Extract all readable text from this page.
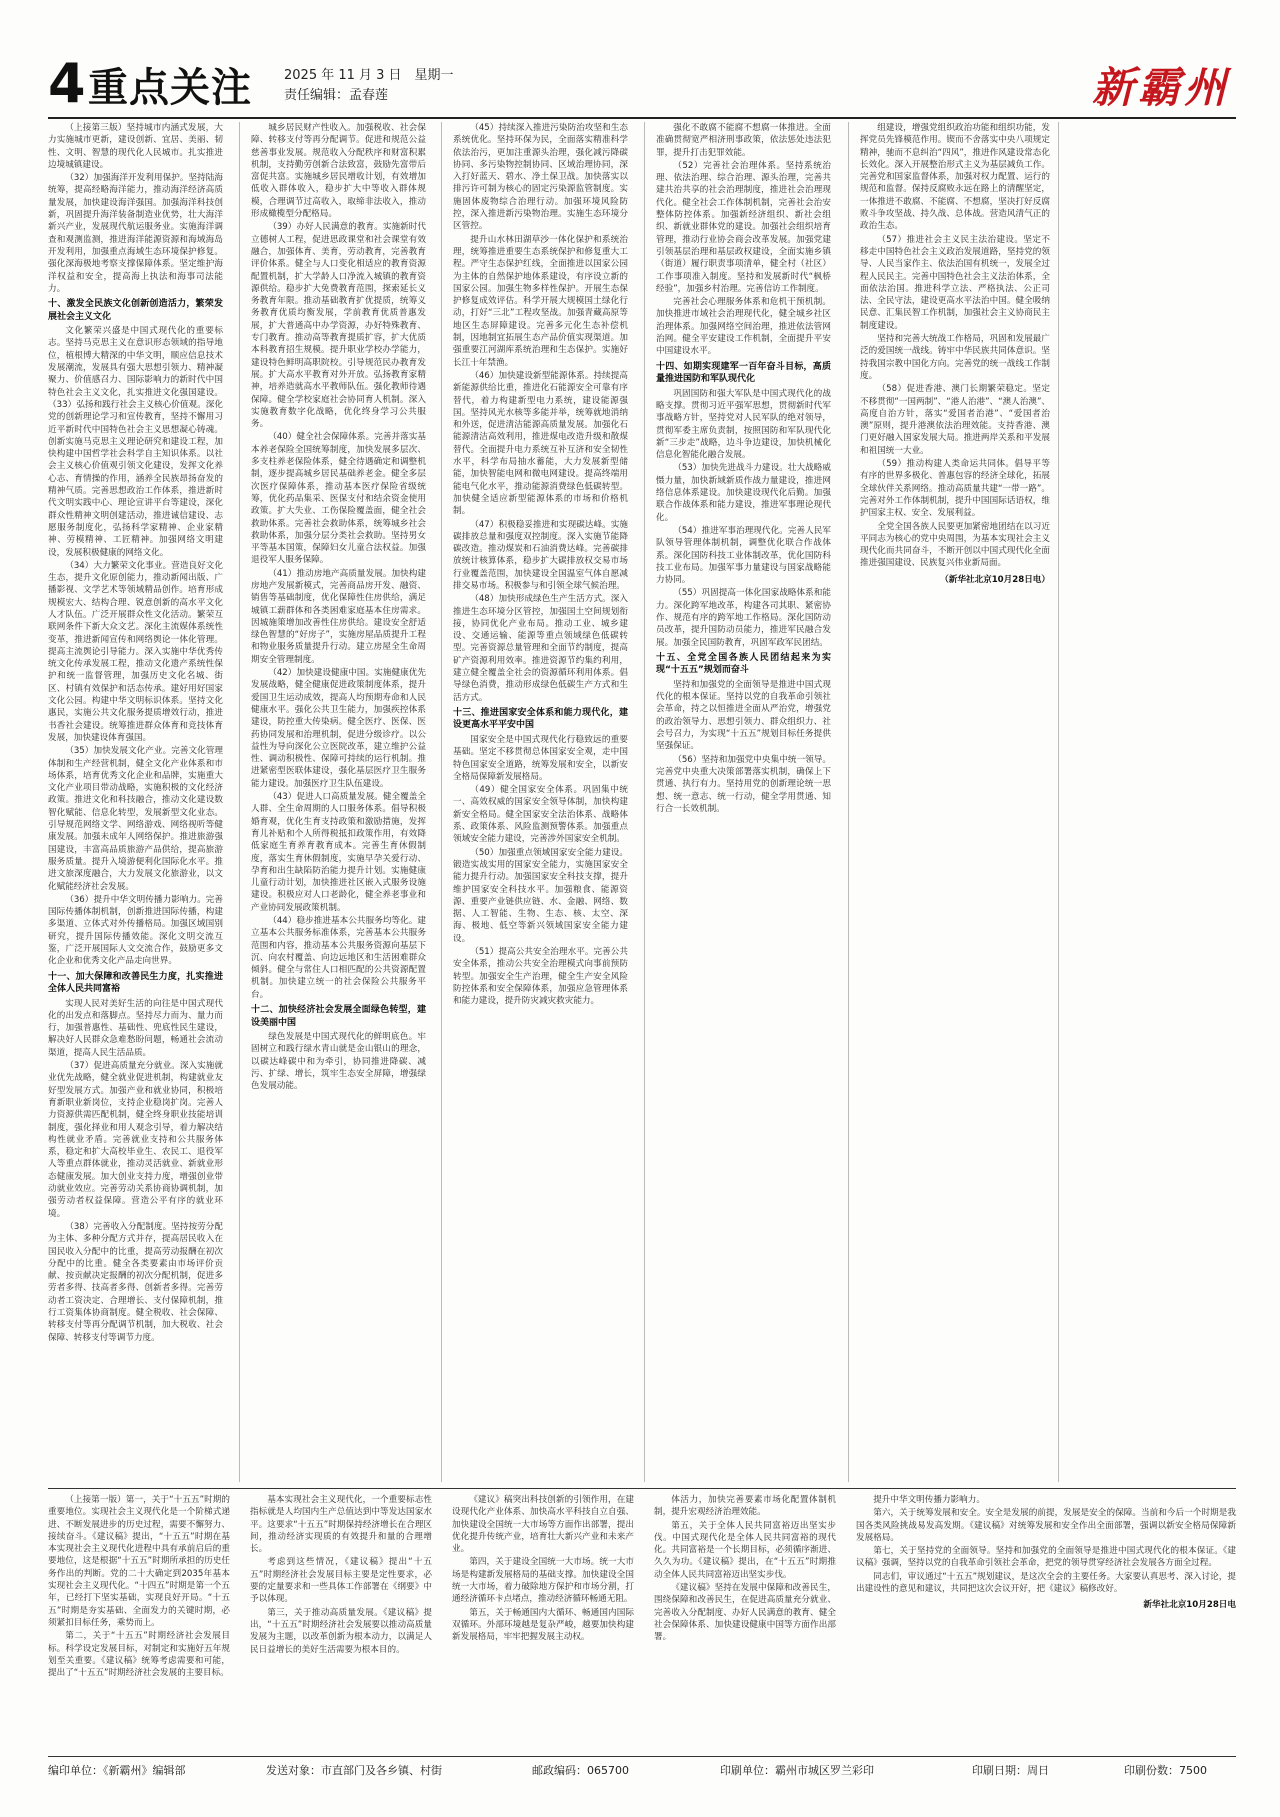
4 重点关注 2025 年 11 月 3 日　星期一
责任编辑：孟春莲	新霸州

（上接第三版）坚持城市内涵式发展，大力实施城市更新，建设创新、宜居、美丽、韧性、文明、智慧的现代化人民城市。扎实推进边境城镇建设。

（32）加强海洋开发利用保护。坚持陆海统筹，提高经略海洋能力，推动海洋经济高质量发展，加快建设海洋强国。加强海洋科技创新，巩固提升海洋装备制造业优势，壮大海洋新兴产业，发展现代航运服务业。实施海洋调查和观测监测，推进海洋能源资源和海域海岛开发利用，加强重点海域生态环境保护修复。强化深海极地考察支撑保障体系。坚定维护海洋权益和安全，提高海上执法和海事司法能力。

十、激发全民族文化创新创造活力，繁荣发展社会主义文化

文化繁荣兴盛是中国式现代化的重要标志。坚持马克思主义在意识形态领域的指导地位，植根博大精深的中华文明，顺应信息技术发展潮流，发展具有强大思想引领力、精神凝聚力、价值感召力、国际影响力的新时代中国特色社会主义文化，扎实推进文化强国建设。（33）弘扬和践行社会主义核心价值观。深化党的创新理论学习和宣传教育，坚持不懈用习近平新时代中国特色社会主义思想凝心铸魂。创新实施马克思主义理论研究和建设工程，加快构建中国哲学社会科学自主知识体系。以社会主义核心价值观引领文化建设，发挥文化养心志、育情操的作用，涵养全民族昂扬奋发的精神气质。完善思想政治工作体系，推进新时代文明实践中心、理论宣讲平台等建设，深化群众性精神文明创建活动，推进诚信建设、志愿服务制度化，弘扬科学家精神、企业家精神、劳模精神、工匠精神。加强网络文明建设，发展积极健康的网络文化。

（34）大力繁荣文化事业。营造良好文化生态，提升文化原创能力，推动新闻出版、广播影视、文学艺术等领域精品创作。培育形成规模宏大、结构合理、锐意创新的高水平文化人才队伍。广泛开展群众性文化活动。繁荣互联网条件下新大众文艺。深化主流媒体系统性变革，推进新闻宣传和网络舆论一体化管理。提高主流舆论引导能力。深入实施中华优秀传统文化传承发展工程，推动文化遗产系统性保护和统一监督管理，加强历史文化名城、街区、村镇有效保护和活态传承。建好用好国家文化公园。构建中华文明标识体系。坚持文化惠民，实施公共文化服务提质增效行动，推进书香社会建设。统筹推进群众体育和竞技体育发展，加快建设体育强国。

（35）加快发展文化产业。完善文化管理体制和生产经营机制，健全文化产业体系和市场体系，培育优秀文化企业和品牌，实施重大文化产业项目带动战略，实施积极的文化经济政策。推进文化和科技融合，推动文化建设数智化赋能、信息化转型，发展新型文化业态。引导规范网络文学、网络游戏、网络视听等健康发展。加强未成年人网络保护。推进旅游强国建设，丰富高品质旅游产品供给，提高旅游服务质量。提升入境游便利化国际化水平。推进文旅深度融合，大力发展文化旅游业，以文化赋能经济社会发展。

（36）提升中华文明传播力影响力。完善国际传播体制机制，创新推进国际传播，构建多渠道、立体式对外传播格局。加强区域国别研究，提升国际传播效能。深化文明交流互鉴，广泛开展国际人文交流合作，鼓励更多文化企业和优秀文化产品走向世界。

十一、加大保障和改善民生力度，扎实推进全体人民共同富裕

实现人民对美好生活的向往是中国式现代化的出发点和落脚点。坚持尽力而为、量力而行，加强普惠性、基础性、兜底性民生建设，解决好人民群众急难愁盼问题，畅通社会流动渠道，提高人民生活品质。

（37）促进高质量充分就业。深入实施就业优先战略，健全就业促进机制，构建就业友好型发展方式。加强产业和就业协同，积极培育新职业新岗位，支持企业稳岗扩岗。完善人力资源供需匹配机制，健全终身职业技能培训制度，强化择业和用人观念引导，着力解决结构性就业矛盾。完善就业支持和公共服务体系，稳定和扩大高校毕业生、农民工、退役军人等重点群体就业，推动灵活就业、新就业形态健康发展。加大创业支持力度，增强创业带动就业效应。完善劳动关系协商协调机制，加强劳动者权益保障。营造公平有序的就业环境。

（38）完善收入分配制度。坚持按劳分配为主体、多种分配方式并存，提高居民收入在国民收入分配中的比重，提高劳动报酬在初次分配中的比重。健全各类要素由市场评价贡献、按贡献决定报酬的初次分配机制，促进多劳者多得、技高者多得、创新者多得。完善劳动者工资决定、合理增长、支付保障机制，推行工资集体协商制度。健全税收、社会保障、转移支付等再分配调节机制，加大税收、社会保障、转移支付等调节力度。

城乡居民财产性收入。加强税收、社会保障、转移支付等再分配调节。促进和规范公益慈善事业发展。规范收入分配秩序和财富积累机制，支持勤劳创新合法致富，鼓励先富带后富促共富。实施城乡居民增收计划，有效增加低收入群体收入，稳步扩大中等收入群体规模，合理调节过高收入，取缔非法收入，推动形成橄榄型分配格局。

（39）办好人民满意的教育。实施新时代立德树人工程，促进思政课堂和社会课堂有效融合，加强体育、美育，劳动教育，完善教育评价体系。健全与人口变化相适应的教育资源配置机制，扩大学龄人口净流入城镇的教育资源供给。稳步扩大免费教育范围，探索延长义务教育年限。推动基础教育扩优提质，统筹义务教育优质均衡发展，学前教育优质普惠发展，扩大普通高中办学资源，办好特殊教育、专门教育。推动高等教育提质扩容，扩大优质本科教育招生规模。提升职业学校办学能力，建设特色鲜明高职院校。引导规范民办教育发展。扩大高水平教育对外开放。弘扬教育家精神，培养造就高水平教师队伍。强化教师待遇保障。健全学校家庭社会协同育人机制。深入实施教育数字化战略，优化终身学习公共服务。

（40）健全社会保障体系。完善并落实基本养老保险全国统筹制度，加快发展多层次、多支柱养老保险体系，健全待遇确定和调整机制，逐步提高城乡居民基础养老金。健全多层次医疗保障体系，推动基本医疗保险省级统筹，优化药品集采、医保支付和结余资金使用政策。扩大失业、工伤保险覆盖面，健全社会救助体系。完善社会救助体系，统筹城乡社会救助体系，加强分层分类社会救助。坚持男女平等基本国策，保障妇女儿童合法权益。加强退役军人服务保障。

（41）推动房地产高质量发展。加快构建房地产发展新模式，完善商品房开发、融资、销售等基础制度，优化保障性住房供给，满足城镇工薪群体和各类困难家庭基本住房需求。因城施策增加改善性住房供给。建设安全舒适绿色智慧的“好房子”，实施房屋品质提升工程和物业服务质量提升行动。建立房屋全生命周期安全管理制度。

（42）加快建设健康中国。实施健康优先发展战略，健全健康促进政策制度体系，提升爱国卫生运动成效，提高人均预期寿命和人民健康水平。强化公共卫生能力，加强疾控体系建设，防控重大传染病。健全医疗、医保、医药协同发展和治理机制，促进分级诊疗。以公益性为导向深化公立医院改革，建立维护公益性、调动积极性、保障可持续的运行机制。推进紧密型医联体建设，强化基层医疗卫生服务能力建设。加强医疗卫生队伍建设。

（43）促进人口高质量发展。健全覆盖全人群、全生命周期的人口服务体系。倡导积极婚育观，优化生育支持政策和激励措施，发挥育儿补贴和个人所得税抵扣政策作用，有效降低家庭生育养育教育成本。完善生育休假制度，落实生育休假制度，实施早孕关爱行动、孕育和出生缺陷防治能力提升计划。实施健康儿童行动计划，加快推进社区嵌入式服务设施建设。积极应对人口老龄化，健全养老事业和产业协同发展政策机制。

（44）稳步推进基本公共服务均等化。建立基本公共服务标准体系，完善基本公共服务范围和内容，推动基本公共服务资源向基层下沉、向农村覆盖、向边远地区和生活困难群众倾斜。健全与常住人口相匹配的公共资源配置机制。加快建立统一的社会保险公共服务平台。

十二、加快经济社会发展全面绿色转型，建设美丽中国

绿色发展是中国式现代化的鲜明底色。牢固树立和践行绿水青山就是金山银山的理念，以碳达峰碳中和为牵引，协同推进降碳、减污、扩绿、增长，筑牢生态安全屏障，增强绿色发展动能。

（45）持续深入推进污染防治攻坚和生态系统优化。坚持环保为民，全面落实精准科学依法治污，更加注重源头治理，强化减污降碳协同、多污染物控制协同、区域治理协同，深入打好蓝天、碧水、净土保卫战。加快落实以排污许可制为核心的固定污染源监管制度。实施固体废物综合治理行动。加强环境风险防控，深入推进新污染物治理。实施生态环境分区管控。

提升山水林田湖草沙一体化保护和系统治理，统筹推进重要生态系统保护和修复重大工程。严守生态保护红线，全面推进以国家公园为主体的自然保护地体系建设，有序设立新的国家公园。加强生物多样性保护。开展生态保护修复成效评估。科学开展大规模国土绿化行动，打好“三北”工程攻坚战。加强青藏高原等地区生态屏障建设。完善多元化生态补偿机制，因地制宜拓展生态产品价值实现渠道。加强重要江河湖库系统治理和生态保护。实施好长江十年禁渔。

（46）加快建设新型能源体系。持续提高新能源供给比重，推进化石能源安全可靠有序替代，着力构建新型电力系统，建设能源强国。坚持风光水核等多能并举，统筹就地消纳和外送，促进清洁能源高质量发展。加强化石能源清洁高效利用，推进煤电改造升级和散煤替代。全面提升电力系统互补互济和安全韧性水平，科学布局抽水蓄能，大力发展新型储能，加快智能电网和微电网建设。提高终端用能电气化水平，推动能源消费绿色低碳转型。加快健全适应新型能源体系的市场和价格机制。

（47）积极稳妥推进和实现碳达峰。实施碳排放总量和强度双控制度。深入实施节能降碳改造。推动煤炭和石油消费达峰。完善碳排放统计核算体系，稳步扩大碳排放权交易市场行业覆盖范围，加快建设全国温室气体自愿减排交易市场。积极参与和引领全球气候治理。

（48）加快形成绿色生产生活方式。深入推进生态环境分区管控，加强国土空间规划衔接，协同优化产业布局。推动工业、城乡建设、交通运输、能源等重点领域绿色低碳转型。完善资源总量管理和全面节约制度，提高矿产资源利用效率。推进资源节约集约利用，建立健全覆盖全社会的资源循环利用体系。倡导绿色消费，推动形成绿色低碳生产方式和生活方式。

十三、推进国家安全体系和能力现代化，建设更高水平平安中国

国家安全是中国式现代化行稳致远的重要基础。坚定不移贯彻总体国家安全观，走中国特色国家安全道路，统筹发展和安全，以新安全格局保障新发展格局。

（49）健全国家安全体系。巩固集中统一、高效权威的国家安全领导体制，加快构建新安全格局。健全国家安全法治体系、战略体系、政策体系、风险监测预警体系。加强重点领域安全能力建设，完善涉外国家安全机制。

（50）加强重点领域国家安全能力建设。锻造实战实用的国家安全能力，实施国家安全能力提升行动。加强国家安全科技支撑，提升维护国家安全科技水平。加强粮食、能源资源、重要产业链供应链、水、金融、网络、数据、人工智能、生物、生态、核、太空、深海、极地、低空等新兴领域国家安全能力建设。

（51）提高公共安全治理水平。完善公共安全体系，推动公共安全治理模式向事前预防转型。加强安全生产治理，健全生产安全风险防控体系和安全保障体系，加强应急管理体系和能力建设，提升防灾减灾救灾能力。

强化不敢腐不能腐不想腐一体推进。全面准确贯彻宽严相济刑事政策，依法惩处违法犯罪，提升打击犯罪效能。

（52）完善社会治理体系。坚持系统治理、依法治理、综合治理、源头治理，完善共建共治共享的社会治理制度，推进社会治理现代化。健全社会工作体制机制，完善社会治安整体防控体系。加强新经济组织、新社会组织、新就业群体党的建设。加强社会组织培育管理，推动行业协会商会改革发展。加强党建引领基层治理和基层政权建设，全面实施乡镇（街道）履行职责事项清单，健全村（社区）工作事项准入制度。坚持和发展新时代“枫桥经验”，加强乡村治理。完善信访工作制度。

完善社会心理服务体系和危机干预机制。加快推进市域社会治理现代化，健全城乡社区治理体系。加强网络空间治理，推进依法管网治网。健全平安建设工作机制，全面提升平安中国建设水平。

十四、如期实现建军一百年奋斗目标，高质量推进国防和军队现代化

巩固国防和强大军队是中国式现代化的战略支撑。贯彻习近平强军思想，贯彻新时代军事战略方针，坚持党对人民军队的绝对领导，贯彻军委主席负责制，按照国防和军队现代化新“三步走”战略，边斗争边建设，加快机械化信息化智能化融合发展。

（53）加快先进战斗力建设。壮大战略威慑力量，加快新域新质作战力量建设，推进网络信息体系建设。加快建设现代化后勤。加强联合作战体系和能力建设，推进军事理论现代化。

（54）推进军事治理现代化。完善人民军队领导管理体制机制，调整优化联合作战体系。深化国防科技工业体制改革，优化国防科技工业布局。加强军事力量建设与国家战略能力协同。

（55）巩固提高一体化国家战略体系和能力。深化跨军地改革，构建各司其职、紧密协作、规范有序的跨军地工作格局。深化国防动员改革，提升国防动员能力，推进军民融合发展。加强全民国防教育，巩固军政军民团结。

十五、全党全国各族人民团结起来为实现“十五五”规划而奋斗

坚持和加强党的全面领导是推进中国式现代化的根本保证。坚持以党的自我革命引领社会革命，持之以恒推进全面从严治党，增强党的政治领导力、思想引领力、群众组织力、社会号召力，为实现“十五五”规划目标任务提供坚强保证。

（56）坚持和加强党中央集中统一领导。完善党中央重大决策部署落实机制，确保上下贯通、执行有力。坚持用党的创新理论统一思想、统一意志、统一行动，健全学用贯通、知行合一长效机制。

组建设，增强党组织政治功能和组织功能，发挥党员先锋模范作用。锲而不舍落实中央八项规定精神，驰而不息纠治“四风”，推进作风建设常态化长效化。深入开展整治形式主义为基层减负工作。完善党和国家监督体系，加强对权力配置、运行的规范和监督。保持反腐败永远在路上的清醒坚定，一体推进不敢腐、不能腐、不想腐，坚决打好反腐败斗争攻坚战、持久战、总体战。营造风清气正的政治生态。

（57）推进社会主义民主法治建设。坚定不移走中国特色社会主义政治发展道路，坚持党的领导、人民当家作主、依法治国有机统一，发展全过程人民民主。完善中国特色社会主义法治体系，全面依法治国。推进科学立法、严格执法、公正司法、全民守法，建设更高水平法治中国。健全吸纳民意、汇集民智工作机制，加强社会主义协商民主制度建设。

坚持和完善大统战工作格局，巩固和发展最广泛的爱国统一战线。铸牢中华民族共同体意识。坚持我国宗教中国化方向。完善党的统一战线工作制度。

（58）促进香港、澳门长期繁荣稳定。坚定不移贯彻“一国两制”、“港人治港”、“澳人治澳”、高度自治方针，落实“爱国者治港”、“爱国者治澳”原则，提升港澳依法治理效能。支持香港、澳门更好融入国家发展大局。推进两岸关系和平发展和祖国统一大业。

（59）推动构建人类命运共同体。倡导平等有序的世界多极化、普惠包容的经济全球化，拓展全球伙伴关系网络。推动高质量共建“一带一路”。完善对外工作体制机制，提升中国国际话语权，维护国家主权、安全、发展利益。

全党全国各族人民要更加紧密地团结在以习近平同志为核心的党中央周围，为基本实现社会主义现代化而共同奋斗，不断开创以中国式现代化全面推进强国建设、民族复兴伟业新局面。

（新华社北京10月28日电）

（上接第一版）第一，关于“十五五”时期的重要地位。实现社会主义现代化是一个阶梯式递进、不断发展进步的历史过程，需要不懈努力、接续奋斗。《建议稿》提出，“十五五”时期在基本实现社会主义现代化进程中具有承前启后的重要地位，这是根据“十五五”时期所承担的历史任务作出的判断。党的二十大确定到2035年基本实现社会主义现代化。“十四五”时期是第一个五年，已经打下坚实基础，实现良好开局。“十五五”时期是夯实基础、全面发力的关键时期，必须紧扣目标任务，乘势而上。

第二，关于“十五五”时期经济社会发展目标。科学设定发展目标，对制定和实施好五年规划至关重要。《建议稿》统筹考虑需要和可能，提出了“十五五”时期经济社会发展的主要目标。

基本实现社会主义现代化，一个重要标志性指标就是人均国内生产总值达到中等发达国家水平。这要求“十五五”时期保持经济增长在合理区间，推动经济实现质的有效提升和量的合理增长。

考虑到这些情况，《建议稿》提出“十五五”时期经济社会发展目标主要是定性要求，必要的定量要求和一些具体工作部署在《纲要》中予以体现。

第三，关于推动高质量发展。《建议稿》提出，“十五五”时期经济社会发展要以推动高质量发展为主题，以改革创新为根本动力，以满足人民日益增长的美好生活需要为根本目的。

《建议》稿突出科技创新的引领作用，在建设现代化产业体系、加快高水平科技自立自强、加快建设全国统一大市场等方面作出部署，提出优化提升传统产业，培育壮大新兴产业和未来产业。

第四，关于建设全国统一大市场。统一大市场是构建新发展格局的基础支撑。加快建设全国统一大市场，着力破除地方保护和市场分割，打通经济循环卡点堵点，推动经济循环畅通无阻。

第五，关于畅通国内大循环、畅通国内国际双循环。外部环境越是复杂严峻，越要加快构建新发展格局，牢牢把握发展主动权。

体活力，加快完善要素市场化配置体制机制，提升宏观经济治理效能。

第五，关于全体人民共同富裕迈出坚实步伐。中国式现代化是全体人民共同富裕的现代化。共同富裕是一个长期目标，必须循序渐进、久久为功。《建议稿》提出，在“十五五”时期推动全体人民共同富裕迈出坚实步伐。

《建议稿》坚持在发展中保障和改善民生，围绕保障和改善民生，在促进高质量充分就业、完善收入分配制度、办好人民满意的教育、健全社会保障体系、加快建设健康中国等方面作出部署。

提升中华文明传播力影响力。

第六，关于统筹发展和安全。安全是发展的前提，发展是安全的保障。当前和今后一个时期是我国各类风险挑战易发高发期。《建议稿》对统筹发展和安全作出全面部署，强调以新安全格局保障新发展格局。

第七，关于坚持党的全面领导。坚持和加强党的全面领导是推进中国式现代化的根本保证。《建议稿》强调，坚持以党的自我革命引领社会革命，把党的领导贯穿经济社会发展各方面全过程。

同志们，审议通过“十五五”规划建议，是这次全会的主要任务。大家要认真思考、深入讨论，提出建设性的意见和建议，共同把这次会议开好，把《建议》稿修改好。

新华社北京10月28日电

编印单位：《新霸州》编辑部	发送对象：市直部门及各乡镇、村街	邮政编码：065700	印刷单位：霸州市城区罗兰彩印	印刷日期：周日	印刷份数：7500
